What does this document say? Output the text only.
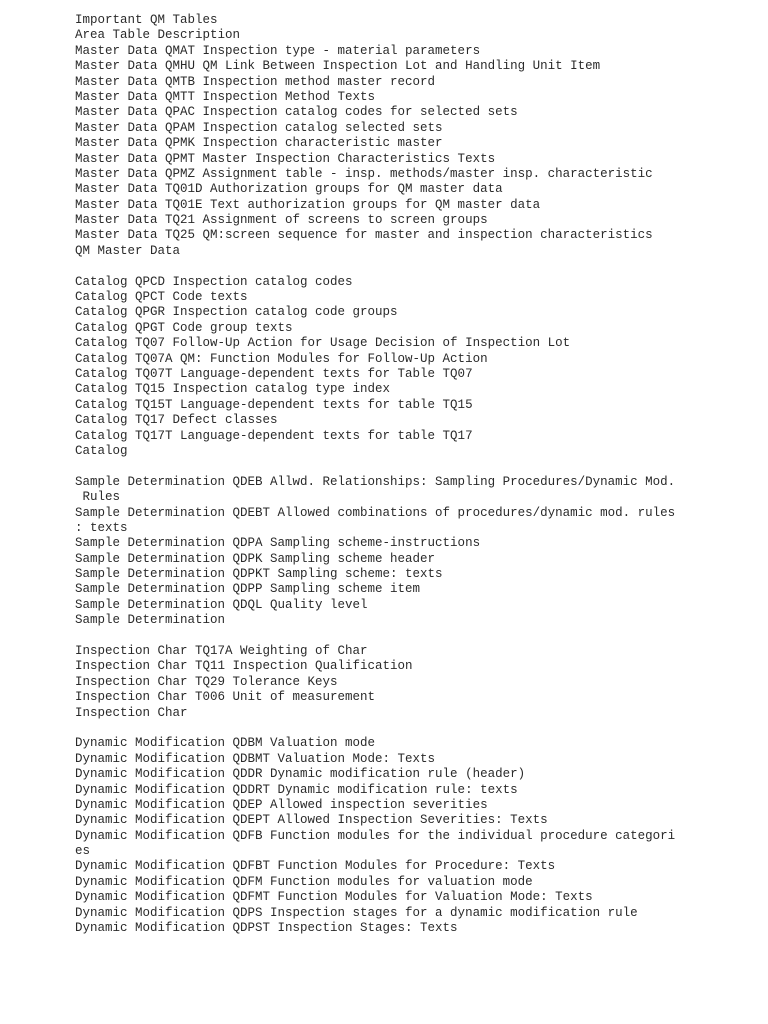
Important QM Tables
Area Table Description
Master Data QMAT Inspection type - material parameters
Master Data QMHU QM Link Between Inspection Lot and Handling Unit Item
Master Data QMTB Inspection method master record
Master Data QMTT Inspection Method Texts
Master Data QPAC Inspection catalog codes for selected sets
Master Data QPAM Inspection catalog selected sets
Master Data QPMK Inspection characteristic master
Master Data QPMT Master Inspection Characteristics Texts
Master Data QPMZ Assignment table - insp. methods/master insp. characteristic
Master Data TQ01D Authorization groups for QM master data
Master Data TQ01E Text authorization groups for QM master data
Master Data TQ21 Assignment of screens to screen groups
Master Data TQ25 QM:screen sequence for master and inspection characteristics
QM Master Data
Catalog QPCD Inspection catalog codes
Catalog QPCT Code texts
Catalog QPGR Inspection catalog code groups
Catalog QPGT Code group texts
Catalog TQ07 Follow-Up Action for Usage Decision of Inspection Lot
Catalog TQ07A QM: Function Modules for Follow-Up Action
Catalog TQ07T Language-dependent texts for Table TQ07
Catalog TQ15 Inspection catalog type index
Catalog TQ15T Language-dependent texts for table TQ15
Catalog TQ17 Defect classes
Catalog TQ17T Language-dependent texts for table TQ17
Catalog
Sample Determination QDEB Allwd. Relationships: Sampling Procedures/Dynamic Mod.
Rules
Sample Determination QDEBT Allowed combinations of procedures/dynamic mod. rules
: texts
Sample Determination QDPA Sampling scheme-instructions
Sample Determination QDPK Sampling scheme header
Sample Determination QDPKT Sampling scheme: texts
Sample Determination QDPP Sampling scheme item
Sample Determination QDQL Quality level
Sample Determination
Inspection Char TQ17A Weighting of Char
Inspection Char TQ11 Inspection Qualification
Inspection Char TQ29 Tolerance Keys
Inspection Char T006 Unit of measurement
Inspection Char
Dynamic Modification QDBM Valuation mode
Dynamic Modification QDBMT Valuation Mode: Texts
Dynamic Modification QDDR Dynamic modification rule (header)
Dynamic Modification QDDRT Dynamic modification rule: texts
Dynamic Modification QDEP Allowed inspection severities
Dynamic Modification QDEPT Allowed Inspection Severities: Texts
Dynamic Modification QDFB Function modules for the individual procedure categori
es
Dynamic Modification QDFBT Function Modules for Procedure: Texts
Dynamic Modification QDFM Function modules for valuation mode
Dynamic Modification QDFMT Function Modules for Valuation Mode: Texts
Dynamic Modification QDPS Inspection stages for a dynamic modification rule
Dynamic Modification QDPST Inspection Stages: Texts
